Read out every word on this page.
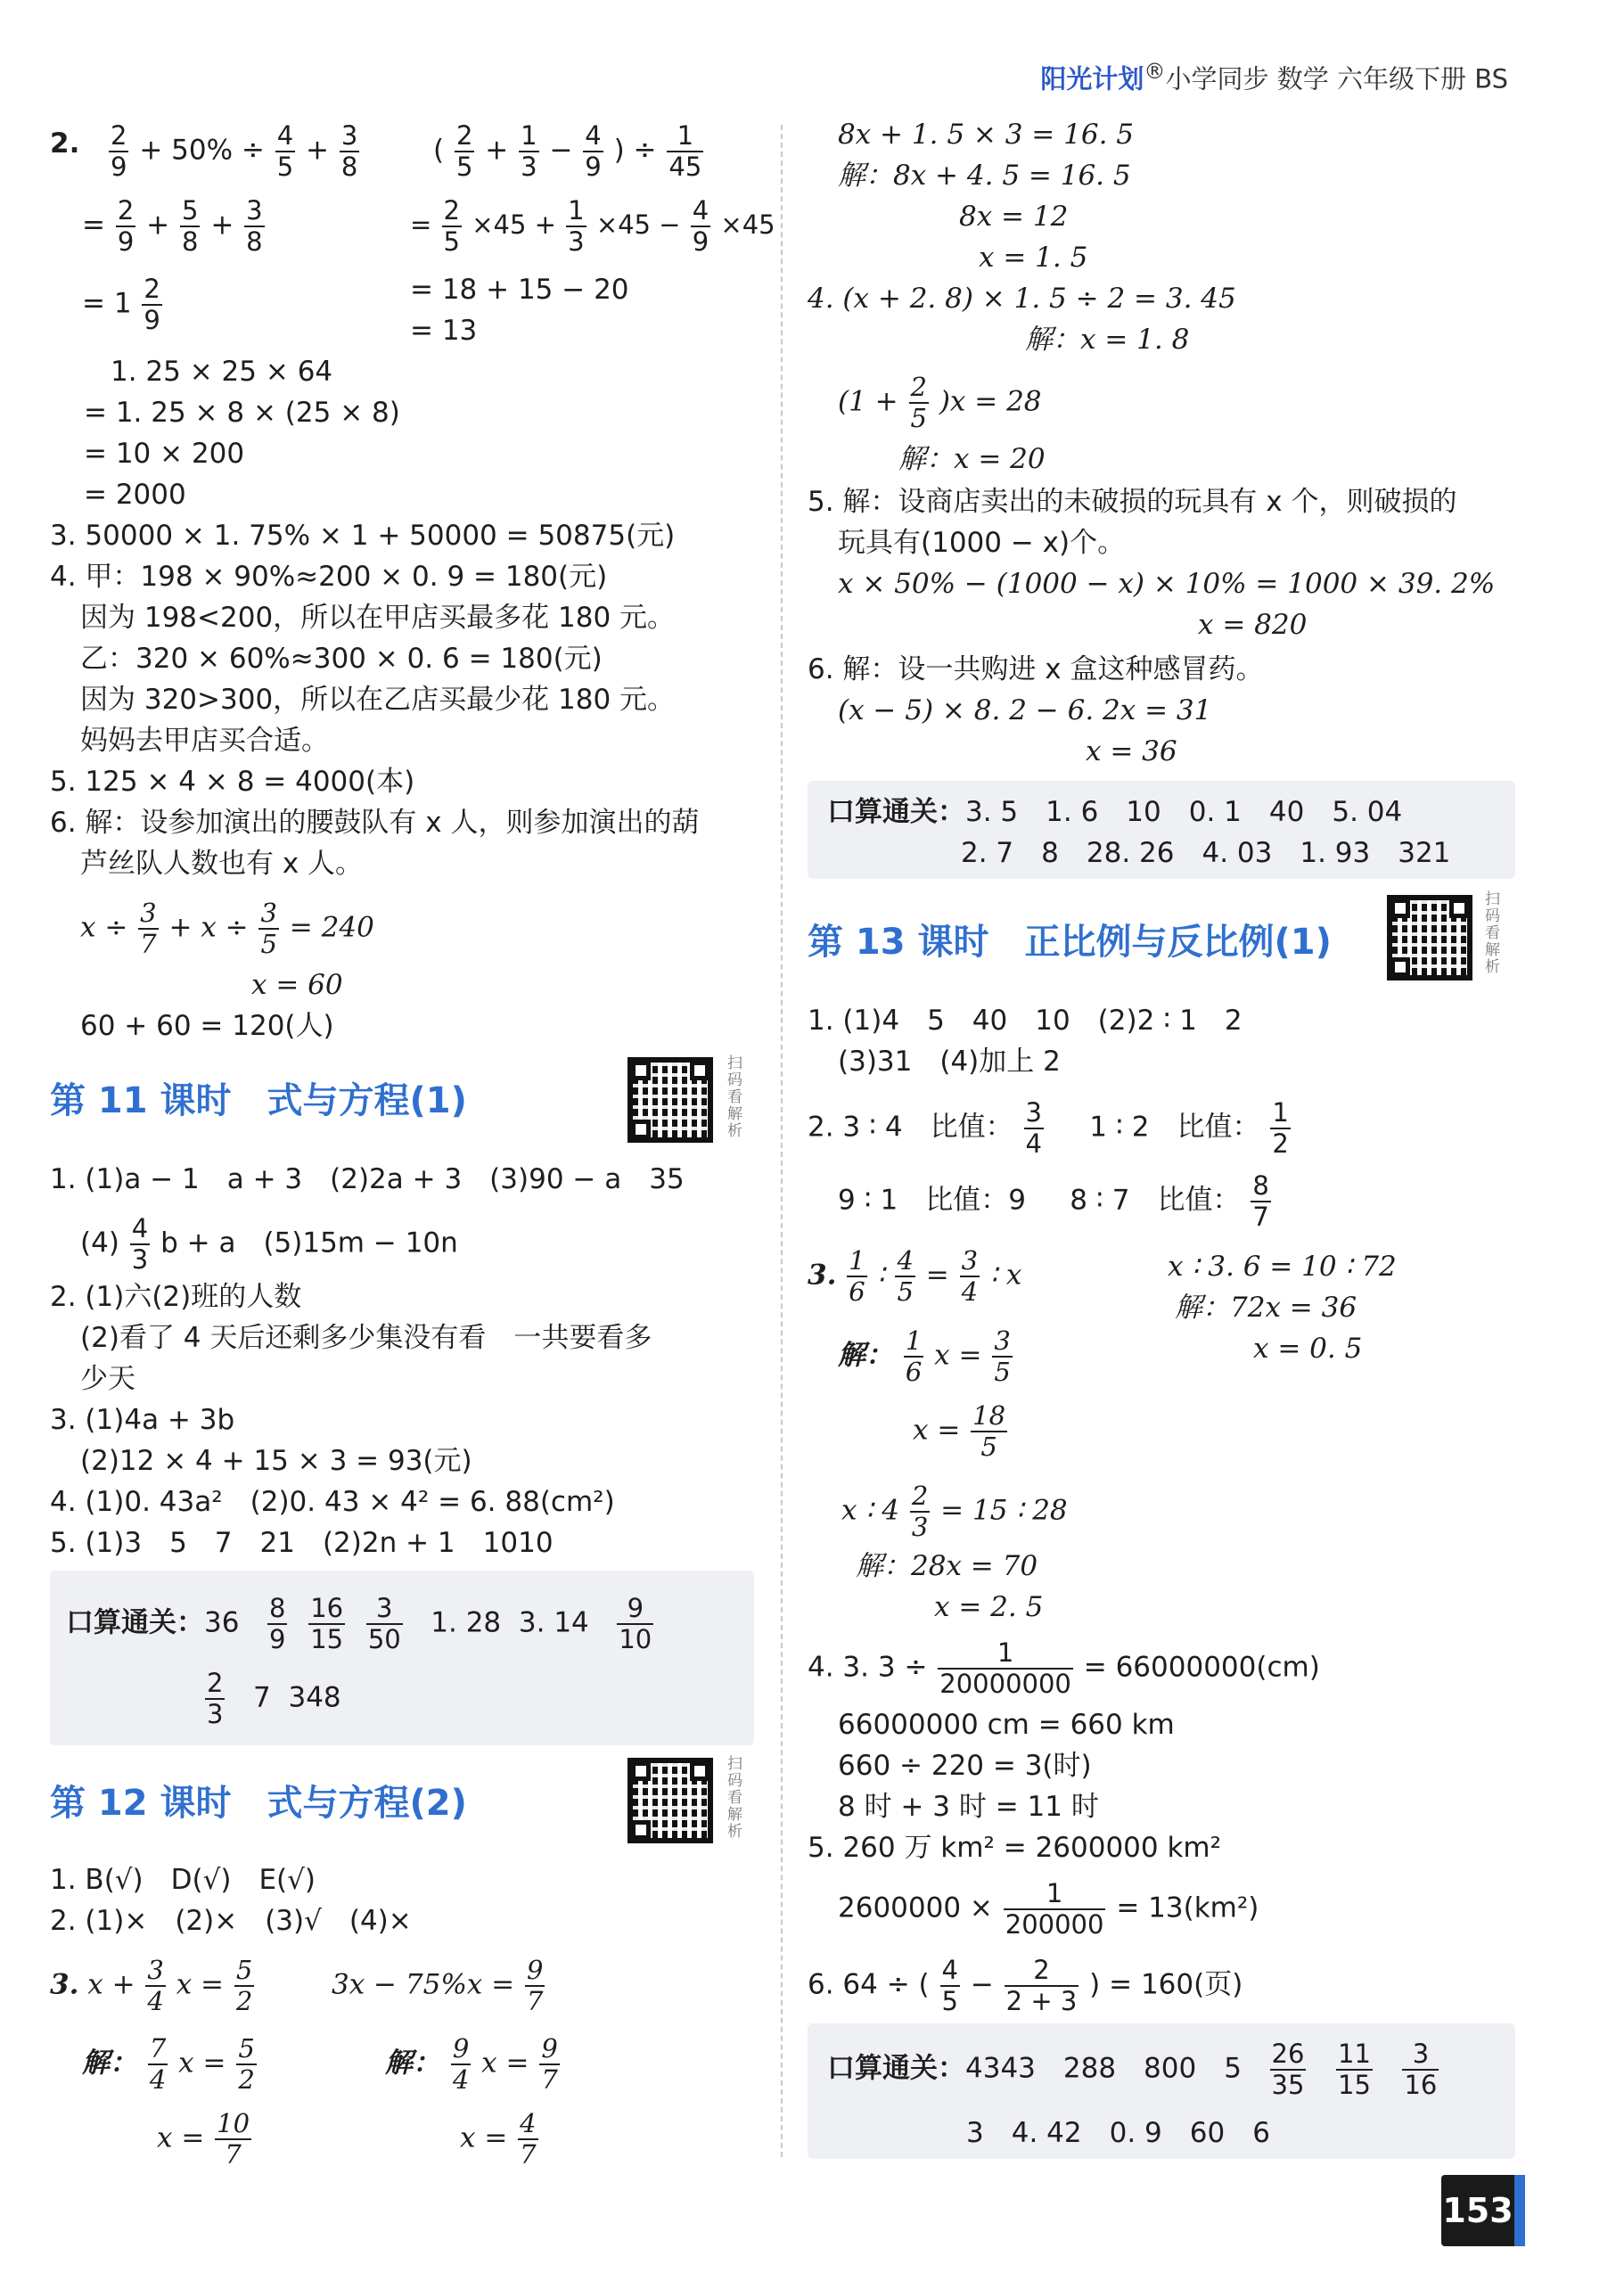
阳光计划®小学同步 数学 六年级下册 BS
2. $\frac{2}{9} + 50\% \div \frac{4}{5} + \frac{3}{8}$
= $\frac{2}{9} + \frac{5}{8} + \frac{3}{8}$
= $1 \frac{2}{9}$
( $\frac{2}{5} + \frac{1}{3} - \frac{4}{9}$ ) ÷ $\frac{1}{45}$
= $\frac{2}{5} \times 45 + \frac{1}{3} \times 45 - \frac{4}{9} \times 45$
= 18 + 15 − 20
= 13
1. 25 × 25 × 64
= 1. 25 × 8 × (25 × 8)
= 10 × 200
= 2000
3. 50000 × 1. 75% × 1 + 50000 = 50875(元)
4. 甲：198 × 90%≈200 × 0. 9 = 180(元)
因为 198<200，所以在甲店买最多花 180 元。
乙：320 × 60%≈300 × 0. 6 = 180(元)
因为 320>300，所以在乙店买最少花 180 元。
妈妈去甲店买合适。
5. 125 × 4 × 8 = 4000(本)
6. 解：设参加演出的腰鼓队有 x 人，则参加演出的葫
芦丝队人数也有 x 人。
$x \div \frac{3}{7} + x \div \frac{3}{5} = 240$
x = 60
60 + 60 = 120(人)
第 11 课时　式与方程(1)
扫码看解析
1. (1)a − 1　a + 3　(2)2a + 3　(3)90 − a　35
$(4) \frac{4}{3}$ b + a　(5)15m − 10n
2. (1)六(2)班的人数
(2)看了 4 天后还剩多少集没有看　一共要看多
少天
3. (1)4a + 3b
(2)12 × 4 + 15 × 3 = 93(元)
4. (1)0. 43a²　(2)0. 43 × 4² = 6. 88(cm²)
5. (1)3　5　7　21　(2)2n + 1　1010
口算通关：$36 \frac{8}{9}$
$\frac{16}{15}$
$\frac{3}{50} 1$. 28 3. $14 \frac{9}{10}$
$\frac{2}{3} 7$ 348
第 12 课时　式与方程(2)
扫码看解析
1. B(√)　D(√)　E(√)
2. (1)×　(2)×　(3)√　(4)×
3. $x + \frac{3}{4}$ $x = \frac{5}{2}$	$3x - 75\%x = \frac{9}{7}$
解： $\frac{7}{4}$ $x = \frac{5}{2}$	解： $\frac{9}{4}$ $x = \frac{9}{7}$
$x = \frac{10}{7}$	$x = \frac{4}{7}$
8x + 1. 5 × 3 = 16. 5
解：8x + 4. 5 = 16. 5
8x = 12
x = 1. 5
4. (x + 2. 8) × 1. 5 ÷ 2 = 3. 45
解：x = 1. 8
$(1 + \frac{2}{5} )x = 28$
解：x = 20
5. 解：设商店卖出的未破损的玩具有 x 个，则破损的
玩具有(1000 − x)个。
x × 50% − (1000 − x) × 10% = 1000 × 39. 2%
x = 820
6. 解：设一共购进 x 盒这种感冒药。
(x − 5) × 8. 2 − 6. 2x = 31
x = 36
口算通关：3. 5　1. 6　10　0. 1　40　5. 04
2. 7　8　28. 26　4. 03　1. 93　321
第 13 课时　正比例与反比例(1)
扫码看解析
1. (1)4　5　40　10　(2)2 ∶ 1　2
(3)31　(4)加上 2
2. 3 ∶ 4　比值： $\frac{3}{4} 1$ ∶ 2　比值： $\frac{1}{2}$
9 ∶ 1　比值：9 8 ∶ 7　比值： $\frac{8}{7}$
3. $\frac{1}{6}$ ∶ $\frac{4}{5} = \frac{3}{4}$ ∶ x	x ∶ 3. 6 = 10 ∶ 72
解：72x = 36
x = 0. 5
解： $\frac{1}{6}$ $x = \frac{3}{5}$
$x = \frac{18}{5}$
x ∶ $4 \frac{2}{3} = 15$ ∶ 28
解：28x = 70
x = 2. 5
4. 3. $3 \div \frac{1}{20000000} = 66000000(cm)$
66000000 cm = 660 km
660 ÷ 220 = 3(时)
8 时 + 3 时 = 11 时
5. 260 万 km² = 2600000 km²
$2600000 \times \frac{1}{200000} = 13(km^2)$
6. 64 ÷ ( $\frac{4}{5} - \frac{2}{2 + 3}$ ) = 160(页)
口算通关：4343　288　800　$5 \frac{26}{35}$
$\frac{11}{15}$
$\frac{3}{16}$
3　4. 42　0. 9　60　6
153
